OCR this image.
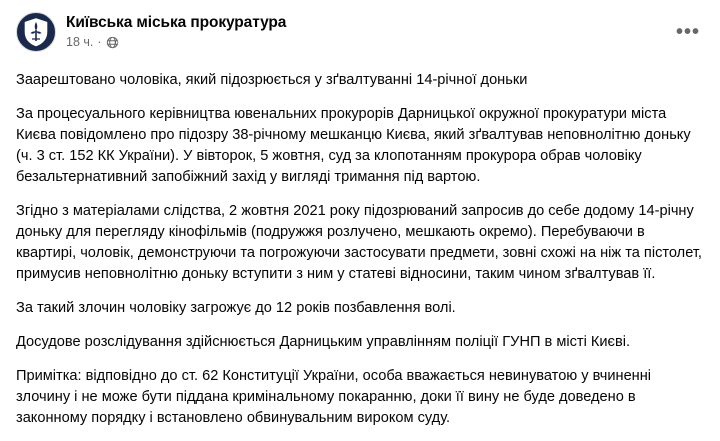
Київська міська прокуратура
18 ч. ·	•••

Заарештовано чоловіка, який підозрюється у зґвалтуванні 14-річної доньки

За процесуального керівництва ювенальних прокурорів Дарницької окружної прокуратури міста Києва повідомлено про підозру 38-річному мешканцю Києва, який зґвалтував неповнолітню доньку (ч. 3 ст. 152 КК України). У вівторок, 5 жовтня, суд за клопотанням прокурора обрав чоловіку безальтернативний запобіжний захід у вигляді тримання під вартою.

Згідно з матеріалами слідства, 2 жовтня 2021 року підозрюваний запросив до себе додому 14-річну доньку для перегляду кінофільмів (подружжя розлучено, мешкають окремо). Перебуваючи в квартирі, чоловік, демонструючи та погрожуючи застосувати предмети, зовні схожі на ніж та пістолет, примусив неповнолітню доньку вступити з ним у статеві відносини, таким чином зґвалтував її.

За такий злочин чоловіку загрожує до 12 років позбавлення волі.

Досудове розслідування здійснюється Дарницьким управлінням поліції ГУНП в місті Києві.

Примітка: відповідно до ст. 62 Конституції України, особа вважається невинуватою у вчиненні злочину і не може бути піддана кримінальному покаранню, доки її вину не буде доведено в законному порядку і встановлено обвинувальним вироком суду.
